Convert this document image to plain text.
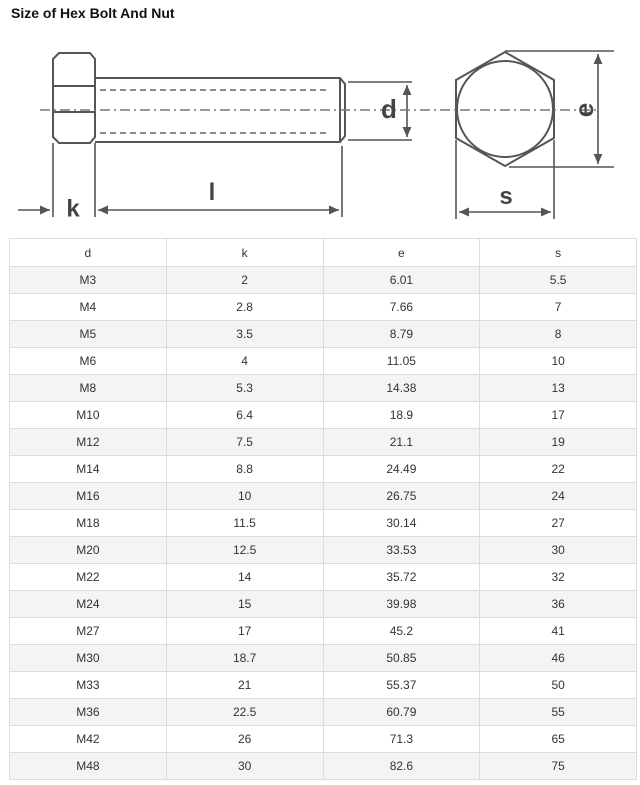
Size of Hex Bolt And Nut
k
l
d	e
s
d	k	e	s
M3	2	6.01	5.5
M4	2.8	7.66	7
M5	3.5	8.79	8
M6	4	11.05	10
M8	5.3	14.38	13
M10	6.4	18.9	17
M12	7.5	21.1	19
M14	8.8	24.49	22
M16	10	26.75	24
M18	11.5	30.14	27
M20	12.5	33.53	30
M22	14	35.72	32
M24	15	39.98	36
M27	17	45.2	41
M30	18.7	50.85	46
M33	21	55.37	50
M36	22.5	60.79	55
M42	26	71.3	65
M48	30	82.6	75
